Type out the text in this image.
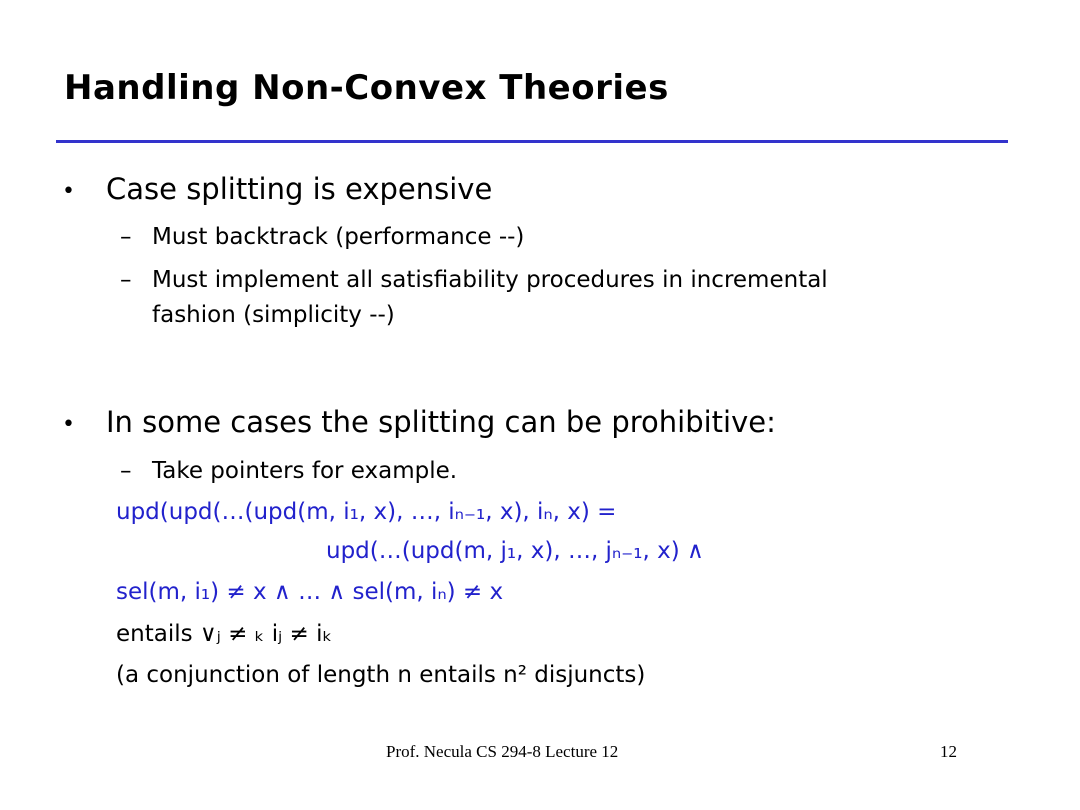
Handling Non-Convex Theories
• Case splitting is expensive
– Must backtrack (performance --)
– Must implement all satisfiability procedures in incremental
fashion (simplicity --)
• In some cases the splitting can be prohibitive:
– Take pointers for example.
upd(upd(…(upd(m, i₁, x), …, iₙ₋₁, x), iₙ, x) =
upd(…(upd(m, j₁, x), …, jₙ₋₁, x) ∧
sel(m, i₁) ≠ x ∧ … ∧ sel(m, iₙ) ≠ x
entails ∨ⱼ ≠ ₖ iⱼ ≠ iₖ
(a conjunction of length n entails n² disjuncts)
Prof. Necula CS 294-8 Lecture 12	12
